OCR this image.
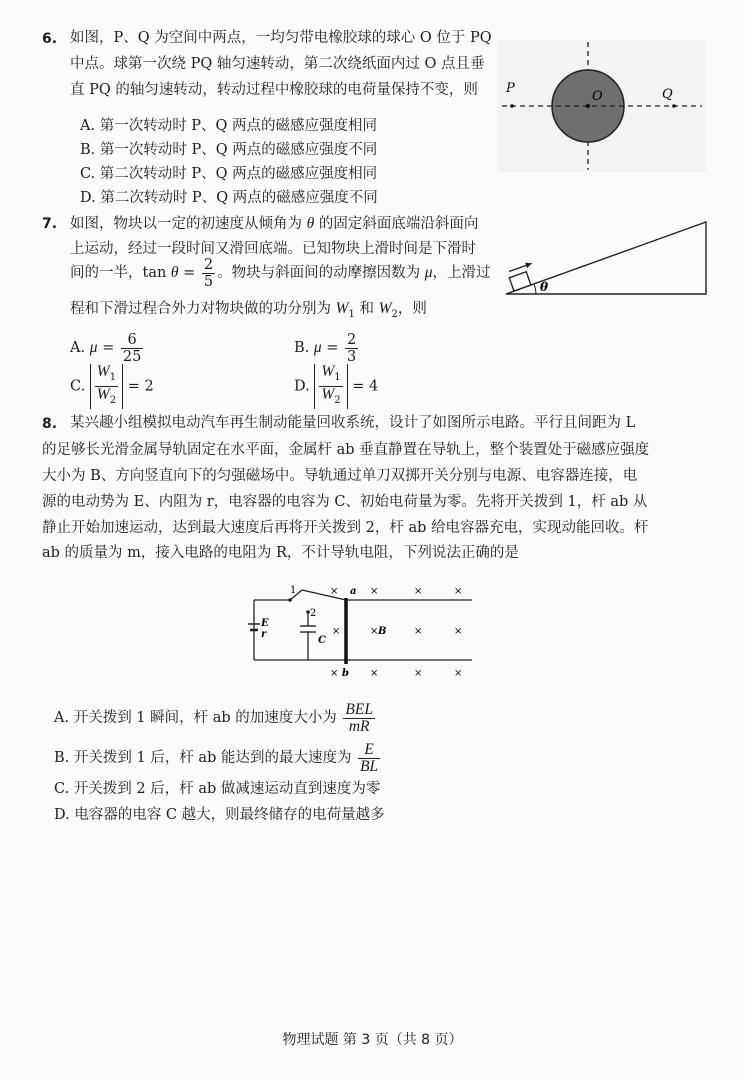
6. 如图，P、Q 为空间中两点，一均匀带电橡胶球的球心 O 位于 PQ
中点。球第一次绕 PQ 轴匀速转动，第二次绕纸面内过 O 点且垂
直 PQ 的轴匀速转动，转动过程中橡胶球的电荷量保持不变，则
A. 第一次转动时 P、Q 两点的磁感应强度相同
B. 第一次转动时 P、Q 两点的磁感应强度不同
C. 第二次转动时 P、Q 两点的磁感应强度相同
D. 第二次转动时 P、Q 两点的磁感应强度不同
P	Q
O
7. 如图，物块以一定的初速度从倾角为 θ 的固定斜面底端沿斜面向
上运动，经过一段时间又滑回底端。已知物块上滑时间是下滑时
间的一半，$\tan \theta = \frac{2}{5}$ 。物块与斜面间的动摩擦因数为 μ，上滑过
程和下滑过程合外力对物块做的功分别为 $W_1$ 和 $W_2$，则
A. $\mu = \frac{6}{25}$	B. $\mu = \frac{2}{3}$
C. $\frac{W_1}{W_2} = 2$	D. $\frac{W_1}{W_2} = 4$
θ
8. 某兴趣小组模拟电动汽车再生制动能量回收系统，设计了如图所示电路。平行且间距为 L
的足够长光滑金属导轨固定在水平面，金属杆 ab 垂直静置在导轨上，整个装置处于磁感应强度
大小为 B、方向竖直向下的匀强磁场中。导轨通过单刀双掷开关分别与电源、电容器连接，电
源的电动势为 E、内阻为 r，电容器的电容为 C、初始电荷量为零。先将开关拨到 1，杆 ab 从
静止开始加速运动，达到最大速度后再将开关拨到 2，杆 ab 给电容器充电，实现动能回收。杆
ab 的质量为 m，接入电路的电阻为 R，不计导轨电阻，下列说法正确的是
E
r
1
2
C
a
b
×	×	×	×
×	× B	×	×
×	×	×	×
A. 开关拨到 1 瞬间，杆 ab 的加速度大小为 $\frac{\text{BEL}}{mR}$
B. 开关拨到 1 后，杆 ab 能达到的最大速度为 $\frac{E}{BL}$
C. 开关拨到 2 后，杆 ab 做减速运动直到速度为零
D. 电容器的电容 C 越大，则最终储存的电荷量越多
物理试题 第 3 页（共 8 页）
